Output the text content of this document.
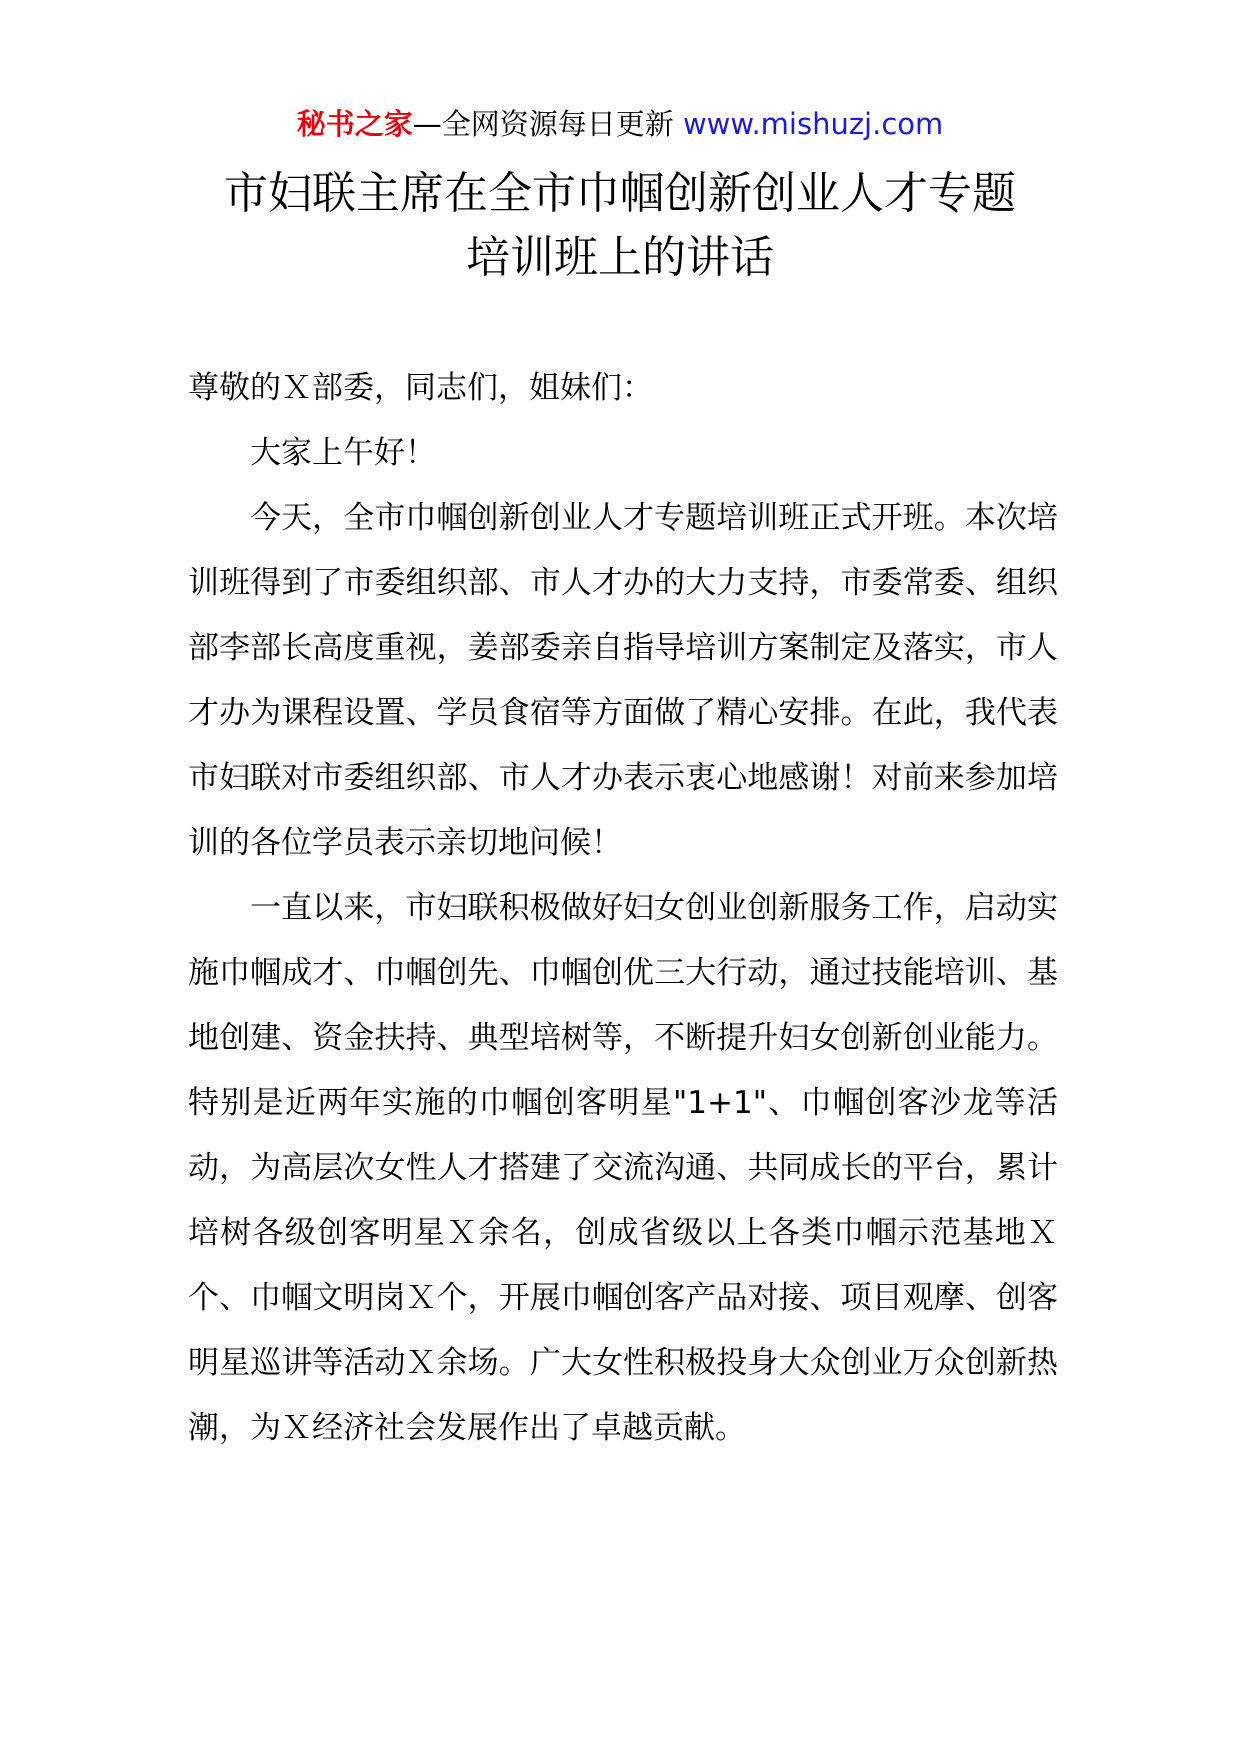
秘书之家—全网资源每日更新 www.mishuzj.com
市妇联主席在全市巾帼创新创业人才专题
培训班上的讲话

尊敬的Ｘ部委，同志们，姐妹们：

大家上午好！

今天，全市巾帼创新创业人才专题培训班正式开班。本次培训班得到了市委组织部、市人才办的大力支持，市委常委、组织部李部长高度重视，姜部委亲自指导培训方案制定及落实，市人才办为课程设置、学员食宿等方面做了精心安排。在此，我代表市妇联对市委组织部、市人才办表示衷心地感谢！对前来参加培训的各位学员表示亲切地问候！

一直以来，市妇联积极做好妇女创业创新服务工作，启动实施巾帼成才、巾帼创先、巾帼创优三大行动，通过技能培训、基地创建、资金扶持、典型培树等，不断提升妇女创新创业能力。特别是近两年实施的巾帼创客明星"1+1"、巾帼创客沙龙等活动，为高层次女性人才搭建了交流沟通、共同成长的平台，累计培树各级创客明星Ｘ余名，创成省级以上各类巾帼示范基地Ｘ个、巾帼文明岗Ｘ个，开展巾帼创客产品对接、项目观摩、创客明星巡讲等活动Ｘ余场。广大女性积极投身大众创业万众创新热潮，为Ｘ经济社会发展作出了卓越贡献。
